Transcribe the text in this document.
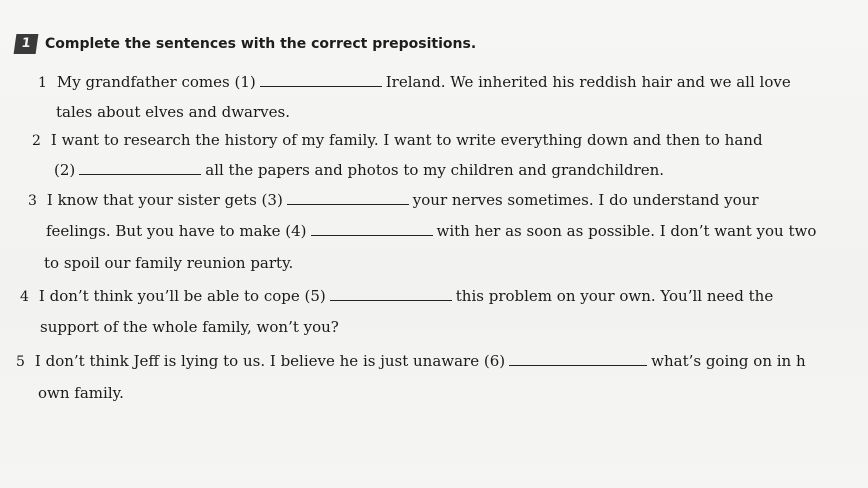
1 Complete the sentences with the correct prepositions.
1 My grandfather comes (1)	Ireland. We inherited his reddish hair and we all love
tales about elves and dwarves.
2 I want to research the history of my family. I want to write everything down and then to hand
(2)	all the papers and photos to my children and grandchildren.
3 I know that your sister gets (3)	your nerves sometimes. I do understand your
feelings. But you have to make (4)	with her as soon as possible. I don’t want you two
to spoil our family reunion party.
4 I don’t think you’ll be able to cope (5)	this problem on your own. You’ll need the
support of the whole family, won’t you?
5 I don’t think Jeff is lying to us. I believe he is just unaware (6)	what’s going on in h
own family.
